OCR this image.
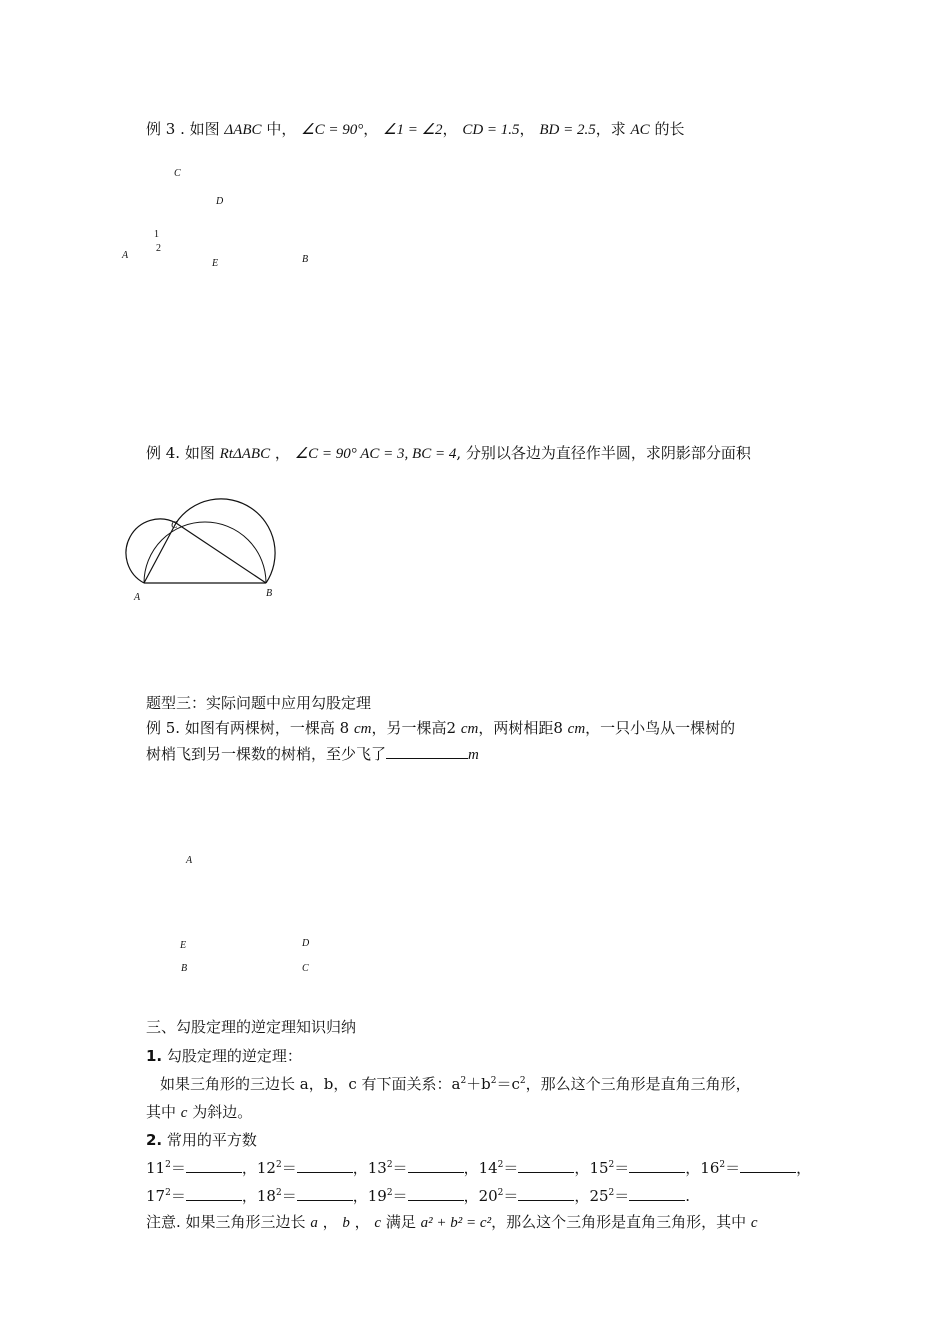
例 3 . 如图 ΔABC 中， ∠C = 90°， ∠1 = ∠2， CD = 1.5， BD = 2.5，求 AC 的长
C
D
1
2
A
E	B
例 4. 如图 RtΔABC ， ∠C = 90° AC = 3, BC = 4, 分别以各边为直径作半圆，求阴影部分面积
C
A	B
题型三：实际问题中应用勾股定理
例 5. 如图有两棵树，一棵高 8 cm，另一棵高2 cm，两树相距8 cm，一只小鸟从一棵树的
树梢飞到另一棵数的树梢，至少飞了	m
A
E	D
B	C
三、勾股定理的逆定理知识归纳
1. 勾股定理的逆定理：
如果三角形的三边长 a，b，c 有下面关系：$a^2+b^2=c^2$，那么这个三角形是直角三角形，
其中 c 为斜边。
2. 常用的平方数
$11^2=$	，$12^2=$	，$13^2=$	，$14^2=$	，$15^2=$	，$16^2=$	，
$17^2=$	，$18^2=$	，$19^2=$	，$20^2=$	，$25^2=$	.
注意. 如果三角形三边长 a ， b ， c 满足 a² + b² = c²，那么这个三角形是直角三角形，其中 c
